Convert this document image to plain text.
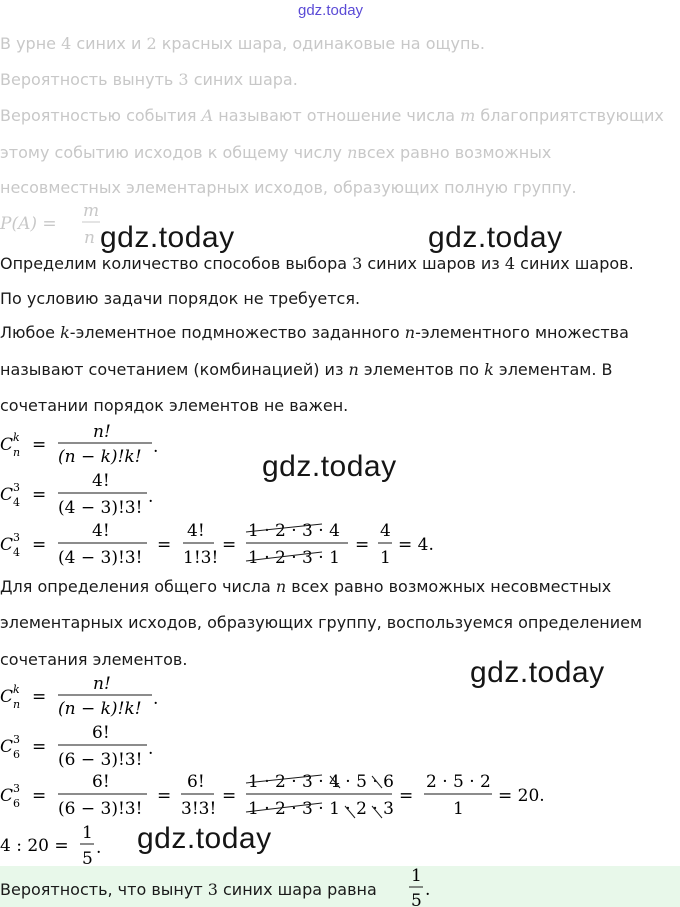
gdz.today
В урне 4 синих и 2 красных шара, одинаковые на ощупь.
Вероятность вынуть 3 синих шара.
Вероятностью события A называют отношение числа m благоприятствующих
этому событию исходов к общему числу nвсех равно возможных
несовместных элементарных исходов, образующих полную группу.
Определим количество способов выбора 3 синих шаров из 4 синих шаров.
По условию задачи порядок не требуется.
Любое k-элементное подмножество заданного n-элементного множества
называют сочетанием (комбинацией) из n элементов по k элементам. В
сочетании порядок элементов не важен.
Для определения общего числа n всех равно возможных несовместных
элементарных исходов, образующих группу, воспользуемся определением
сочетания элементов.
Вероятность, что вынут 3 синих шара равна
P(A) =
m
n
C k
n =
n!
(n − k)!k! .
C 3
4 =
4!
(4 − 3)!3!
.
C 3
4 =
4!
(4 − 3)!3!
=
4!
1!3!
=
1 · 2 · 3 · 4
1 · 2 · 3 · 1
=
4
1
= 4.
C k
n =
n!
(n − k)!k! .
C 3
6 =
6!
(6 − 3)!3!
.
C 3
6 =
6!
(6 − 3)!3!
=
6!
3!3!
=
1 · 2 · 3 · 4 · 5 · 6
1 · 2 · 3 · 1 · 2 · 3
=
2 · 5 · 2
1
= 20.
4 : 20 =
1
5
.
1
5
.
gdz.today	gdz.today
gdz.today
gdz.today
gdz.today
